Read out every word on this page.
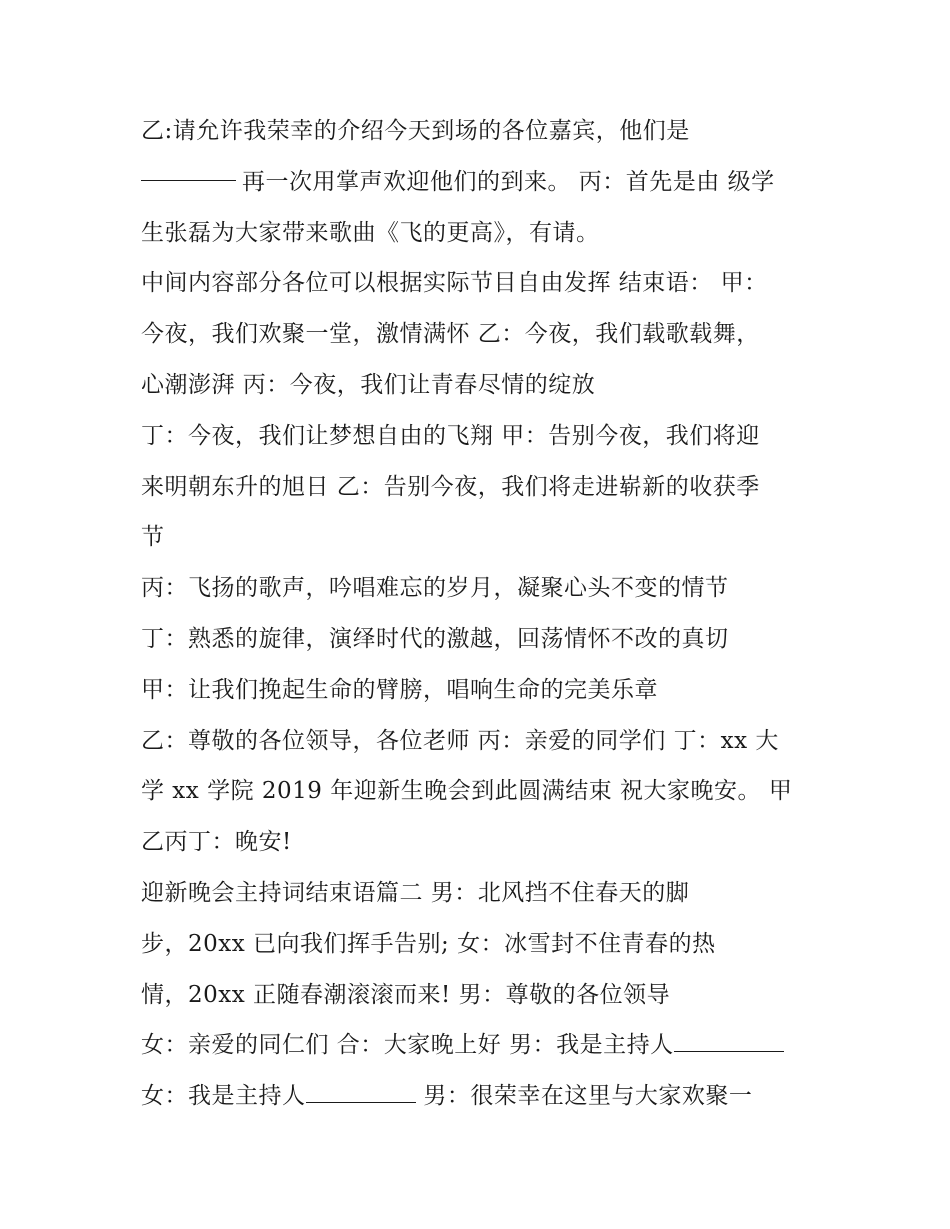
乙:请允许我荣幸的介绍今天到场的各位嘉宾，他们是
再一次用掌声欢迎他们的到来。 丙：首先是由 级学
生张磊为大家带来歌曲《飞的更高》，有请。
中间内容部分各位可以根据实际节目自由发挥 结束语： 甲：
今夜，我们欢聚一堂，激情满怀 乙：今夜，我们载歌载舞，
心潮澎湃 丙：今夜，我们让青春尽情的绽放
丁：今夜，我们让梦想自由的飞翔 甲：告别今夜，我们将迎
来明朝东升的旭日 乙：告别今夜，我们将走进崭新的收获季
节
丙：飞扬的歌声，吟唱难忘的岁月，凝聚心头不变的情节
丁：熟悉的旋律，演绎时代的激越，回荡情怀不改的真切
甲：让我们挽起生命的臂膀，唱响生命的完美乐章
乙：尊敬的各位领导，各位老师 丙：亲爱的同学们 丁：xx 大
学 xx 学院 2019 年迎新生晚会到此圆满结束 祝大家晚安。 甲
乙丙丁：晚安!
迎新晚会主持词结束语篇二 男：北风挡不住春天的脚
步，20xx 已向我们挥手告别; 女：冰雪封不住青春的热
情，20xx 正随春潮滚滚而来! 男：尊敬的各位领导
女：亲爱的同仁们 合：大家晚上好 男：我是主持人
女：我是主持人	男：很荣幸在这里与大家欢聚一
